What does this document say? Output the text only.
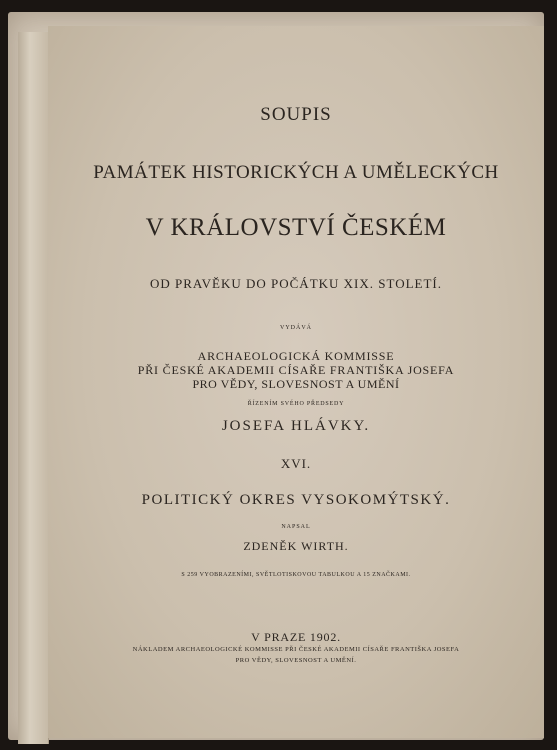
SOUPIS
PAMÁTEK HISTORICKÝCH A UMĚLECKÝCH
V KRÁLOVSTVÍ ČESKÉM
OD PRAVĚKU DO POČÁTKU XIX. STOLETÍ.
VYDÁVÁ
ARCHAEOLOGICKÁ KOMMISSE
PŘI ČESKÉ AKADEMII CÍSAŘE FRANTIŠKA JOSEFA
PRO VĚDY, SLOVESNOST A UMĚNÍ
ŘÍZENÍM SVÉHO PŘEDSEDY
JOSEFA HLÁVKY.
XVI.
POLITICKÝ OKRES VYSOKOMÝTSKÝ.
NAPSAL
ZDENĚK WIRTH.
S 259 VYOBRAZENÍMI, SVĚTLOTISKOVOU TABULKOU A 15 ZNAČKAMI.
V PRAZE 1902.
NÁKLADEM ARCHAEOLOGICKÉ KOMMISSE PŘI ČESKÉ AKADEMII CÍSAŘE FRANTIŠKA JOSEFA
PRO VĚDY, SLOVESNOST A UMĚNÍ.
